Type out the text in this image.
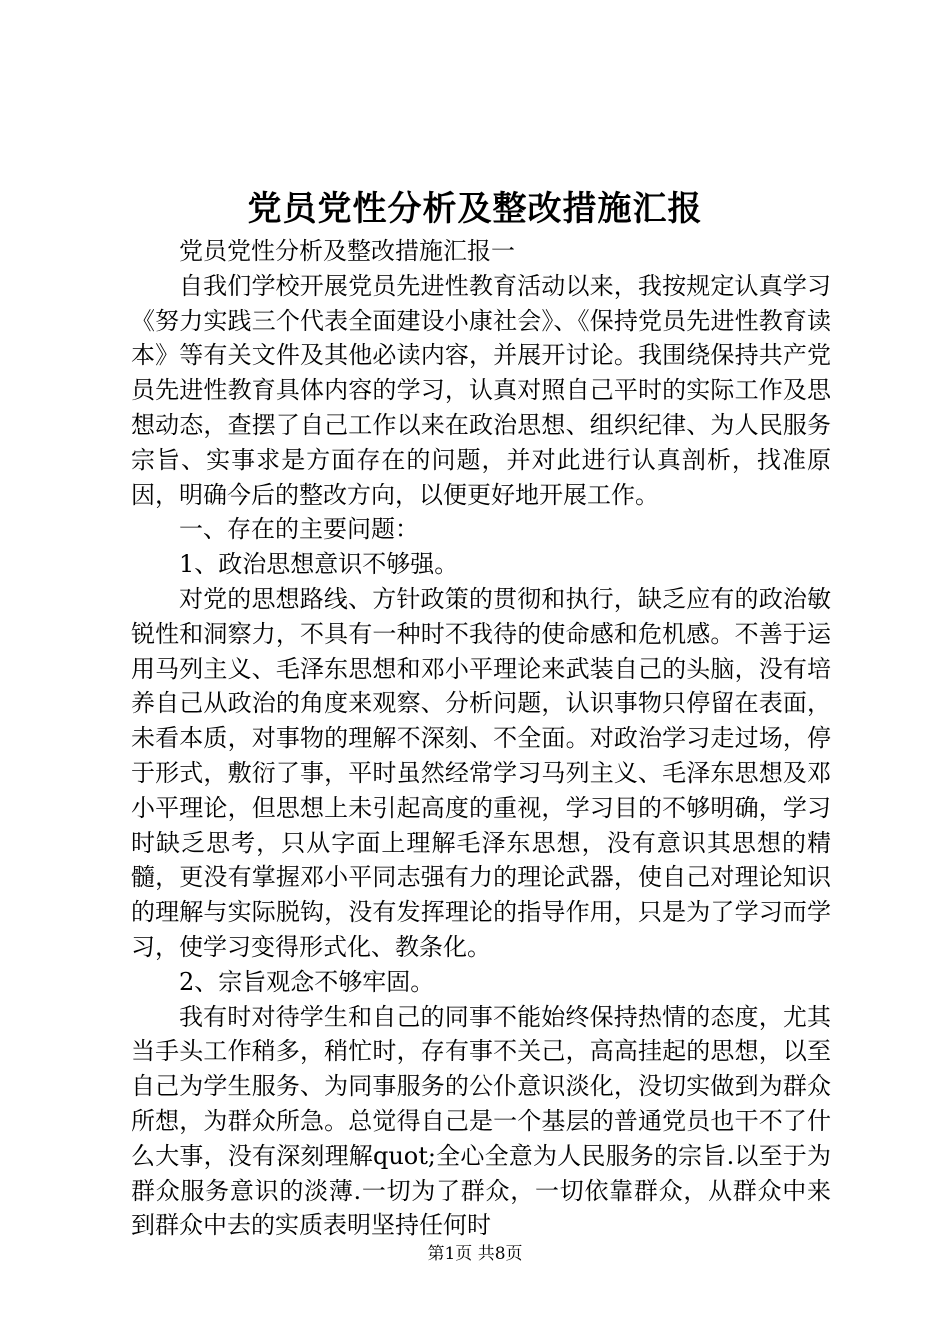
党员党性分析及整改措施汇报

党员党性分析及整改措施汇报一

自我们学校开展党员先进性教育活动以来，我按规定认真学习《努力实践三个代表全面建设小康社会》、《保持党员先进性教育读本》等有关文件及其他必读内容，并展开讨论。我围绕保持共产党员先进性教育具体内容的学习，认真对照自己平时的实际工作及思想动态，查摆了自己工作以来在政治思想、组织纪律、为人民服务宗旨、实事求是方面存在的问题，并对此进行认真剖析，找准原因，明确今后的整改方向，以便更好地开展工作。

一、存在的主要问题：

1、政治思想意识不够强。

对党的思想路线、方针政策的贯彻和执行，缺乏应有的政治敏锐性和洞察力，不具有一种时不我待的使命感和危机感。不善于运用马列主义、毛泽东思想和邓小平理论来武装自己的头脑，没有培养自己从政治的角度来观察、分析问题，认识事物只停留在表面，未看本质，对事物的理解不深刻、不全面。对政治学习走过场，停于形式，敷衍了事，平时虽然经常学习马列主义、毛泽东思想及邓小平理论，但思想上未引起高度的重视，学习目的不够明确，学习时缺乏思考，只从字面上理解毛泽东思想，没有意识其思想的精髓，更没有掌握邓小平同志强有力的理论武器，使自己对理论知识的理解与实际脱钩，没有发挥理论的指导作用，只是为了学习而学习，使学习变得形式化、教条化。

2、宗旨观念不够牢固。

我有时对待学生和自己的同事不能始终保持热情的态度，尤其当手头工作稍多，稍忙时，存有事不关己，高高挂起的思想，以至自己为学生服务、为同事服务的公仆意识淡化，没切实做到为群众所想，为群众所急。总觉得自己是一个基层的普通党员也干不了什么大事，没有深刻理解quot;全心全意为人民服务的宗旨.以至于为群众服务意识的淡薄.一切为了群众，一切依靠群众，从群众中来到群众中去的实质表明坚持任何时

第1页 共8页
